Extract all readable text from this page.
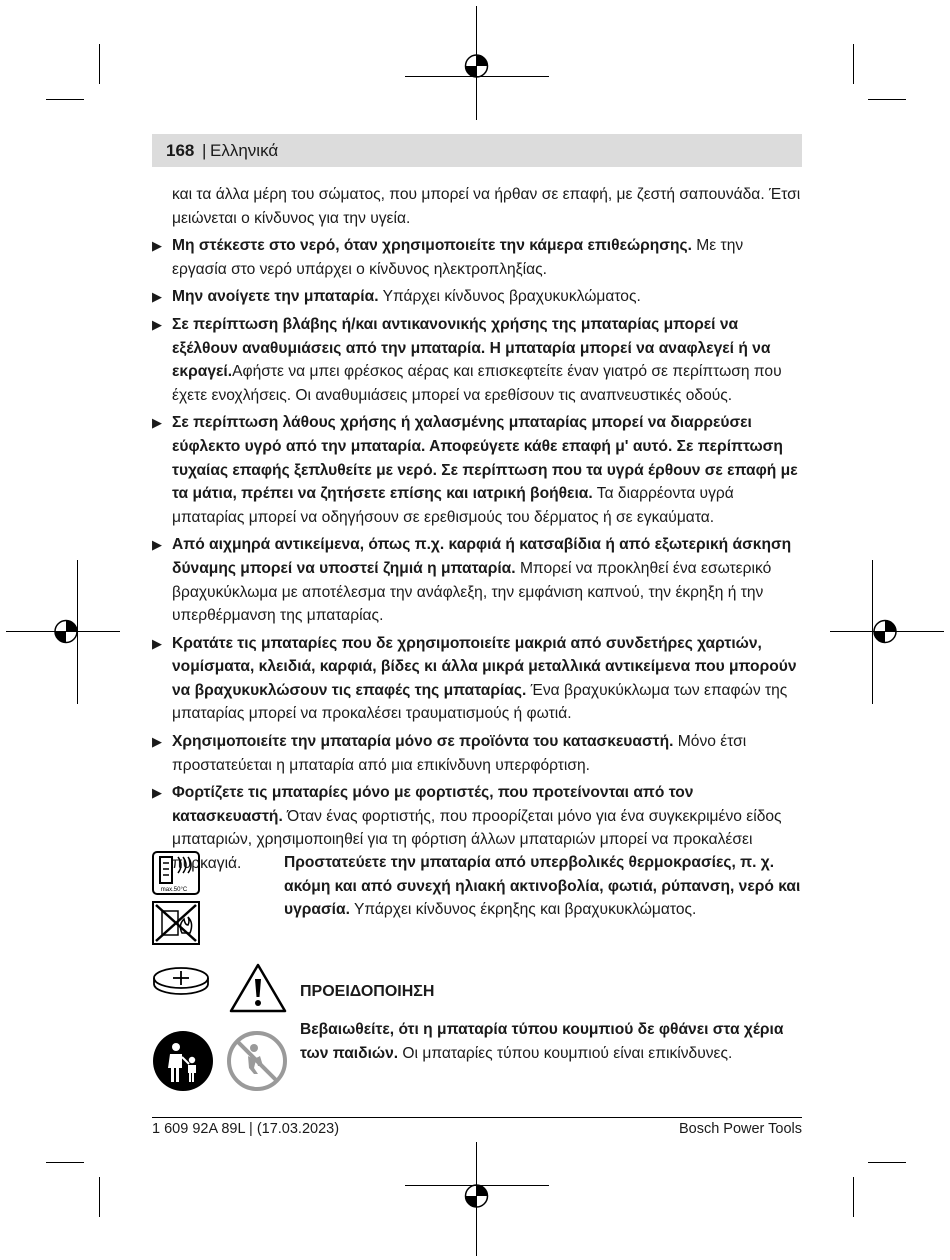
168 | Ελληνικά
και τα άλλα μέρη του σώματος, που μπορεί να ήρθαν σε επαφή, με ζεστή σαπουνάδα. Έτσι μειώνεται ο κίνδυνος για την υγεία.
▶ Μη στέκεστε στο νερό, όταν χρησιμοποιείτε την κάμερα επιθεώρησης. Με την εργασία στο νερό υπάρχει ο κίνδυνος ηλεκτροπληξίας.
▶ Μην ανοίγετε την μπαταρία. Υπάρχει κίνδυνος βραχυκυκλώματος.
▶ Σε περίπτωση βλάβης ή/και αντικανονικής χρήσης της μπαταρίας μπορεί να εξέλθουν αναθυμιάσεις από την μπαταρία. Η μπαταρία μπορεί να αναφλεγεί ή να εκραγεί.Αφήστε να μπει φρέσκος αέρας και επισκεφτείτε έναν γιατρό σε περίπτωση που έχετε ενοχλήσεις. Οι αναθυμιάσεις μπορεί να ερεθίσουν τις αναπνευστικές οδούς.
▶ Σε περίπτωση λάθους χρήσης ή χαλασμένης μπαταρίας μπορεί να διαρρεύσει εύφλεκτο υγρό από την μπαταρία. Αποφεύγετε κάθε επαφή μ' αυτό. Σε περίπτωση τυχαίας επαφής ξεπλυθείτε με νερό. Σε περίπτωση που τα υγρά έρθουν σε επαφή με τα μάτια, πρέπει να ζητήσετε επίσης και ιατρική βοήθεια. Τα διαρρέοντα υγρά μπαταρίας μπορεί να οδηγήσουν σε ερεθισμούς του δέρματος ή σε εγκαύματα.
▶ Από αιχμηρά αντικείμενα, όπως π.χ. καρφιά ή κατσαβίδια ή από εξωτερική άσκηση δύναμης μπορεί να υποστεί ζημιά η μπαταρία. Μπορεί να προκληθεί ένα εσωτερικό βραχυκύκλωμα με αποτέλεσμα την ανάφλεξη, την εμφάνιση καπνού, την έκρηξη ή την υπερθέρμανση της μπαταρίας.
▶ Κρατάτε τις μπαταρίες που δε χρησιμοποιείτε μακριά από συνδετήρες χαρτιών, νομίσματα, κλειδιά, καρφιά, βίδες κι άλλα μικρά μεταλλικά αντικείμενα που μπορούν να βραχυκυκλώσουν τις επαφές της μπαταρίας. Ένα βραχυκύκλωμα των επαφών της μπαταρίας μπορεί να προκαλέσει τραυματισμούς ή φωτιά.
▶ Χρησιμοποιείτε την μπαταρία μόνο σε προϊόντα του κατασκευαστή. Μόνο έτσι προστατεύεται η μπαταρία από μια επικίνδυνη υπερφόρτιση.
▶ Φορτίζετε τις μπαταρίες μόνο με φορτιστές, που προτείνονται από τον κατασκευαστή. Όταν ένας φορτιστής, που προορίζεται μόνο για ένα συγκεκριμένο είδος μπαταριών, χρησιμοποιηθεί για τη φόρτιση άλλων μπαταριών μπορεί να προκαλέσει πυρκαγιά.
max.50°C
Προστατεύετε την μπαταρία από υπερβολικές θερμοκρασίες, π. χ. ακόμη και από συνεχή ηλιακή ακτινοβολία, φωτιά, ρύπανση, νερό και υγρασία. Υπάρχει κίνδυνος έκρηξης και βραχυκυκλώματος.
ΠΡΟΕΙΔΟΠΟΙΗΣΗ
Βεβαιωθείτε, ότι η μπαταρία τύπου κουμπιού δε φθάνει στα χέρια των παιδιών. Οι μπαταρίες τύπου κουμπιού είναι επικίνδυνες.
1 609 92A 89L | (17.03.2023)	Bosch Power Tools
